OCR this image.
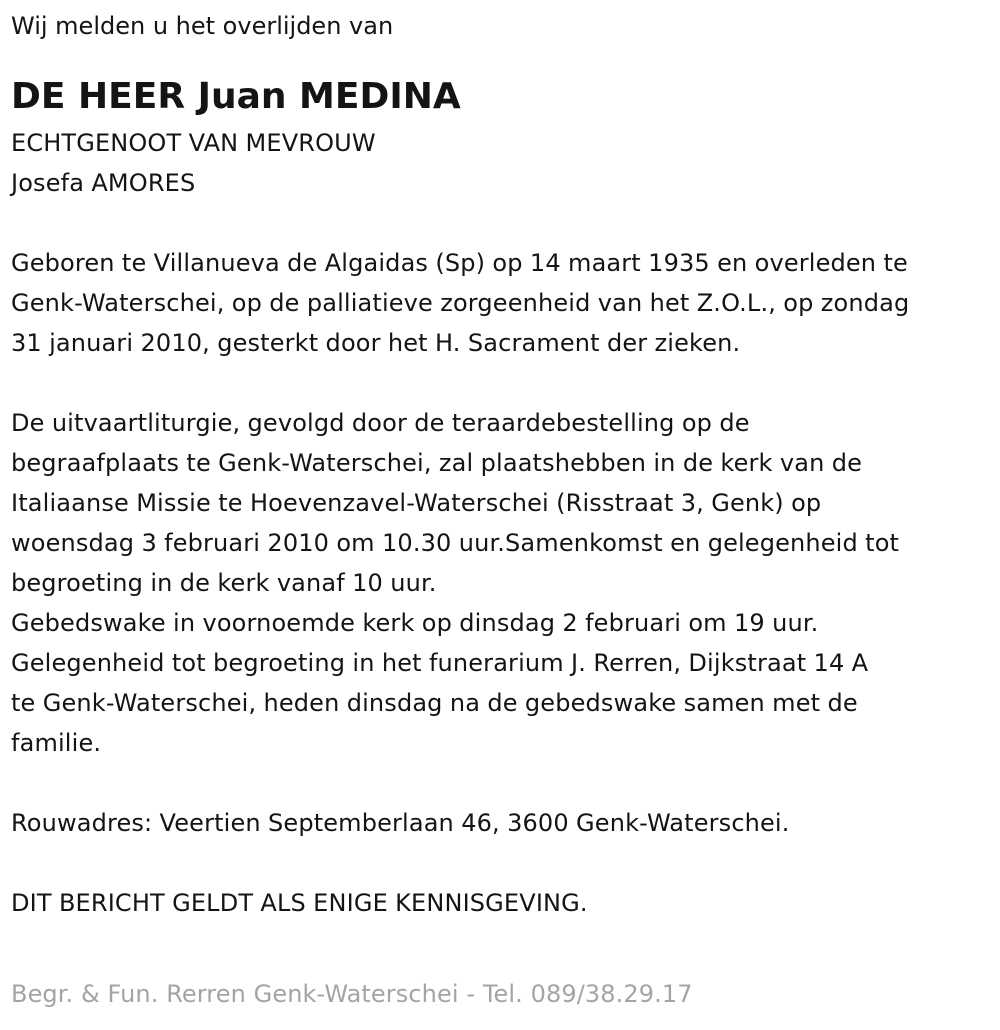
Wij melden u het overlijden van
DE HEER Juan MEDINA
ECHTGENOOT VAN MEVROUW
Josefa AMORES
Geboren te Villanueva de Algaidas (Sp) op 14 maart 1935 en overleden te
Genk-Waterschei, op de palliatieve zorgeenheid van het Z.O.L., op zondag
31 januari 2010, gesterkt door het H. Sacrament der zieken.
De uitvaartliturgie, gevolgd door de teraardebestelling op de
begraafplaats te Genk-Waterschei, zal plaatshebben in de kerk van de
Italiaanse Missie te Hoevenzavel-Waterschei (Risstraat 3, Genk) op
woensdag 3 februari 2010 om 10.30 uur.Samenkomst en gelegenheid tot
begroeting in de kerk vanaf 10 uur.
Gebedswake in voornoemde kerk op dinsdag 2 februari om 19 uur.
Gelegenheid tot begroeting in het funerarium J. Rerren, Dijkstraat 14 A
te Genk-Waterschei, heden dinsdag na de gebedswake samen met de
familie.
Rouwadres: Veertien Septemberlaan 46, 3600 Genk-Waterschei.
DIT BERICHT GELDT ALS ENIGE KENNISGEVING.
Begr. & Fun. Rerren Genk-Waterschei - Tel. 089/38.29.17
